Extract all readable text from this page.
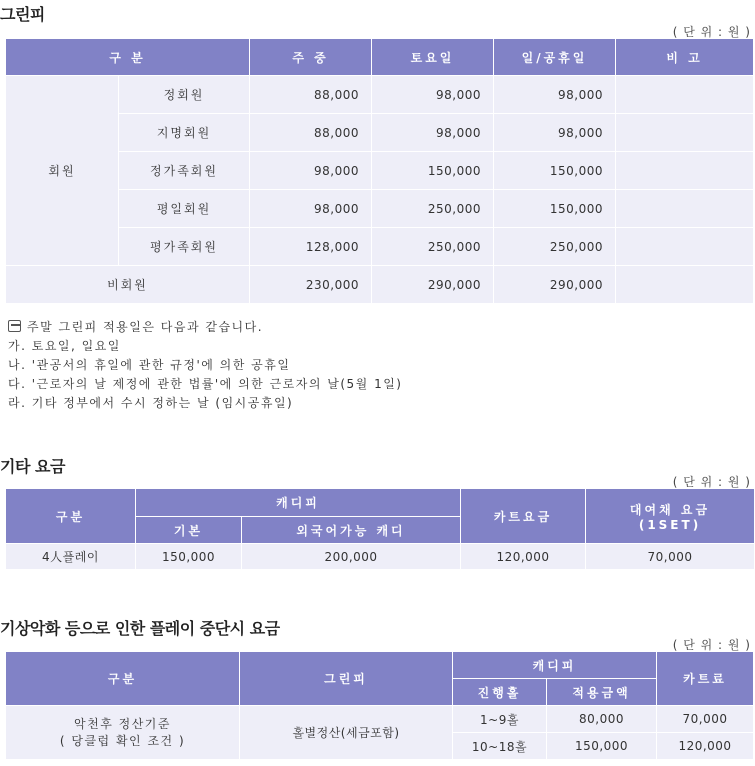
그린피
( 단 위 : 원 )
구 분		주 중	토요일	일/공휴일	비 고
회원	정회원	88,000	98,000	98,000	
	지명회원	88,000	98,000	98,000	
	정가족회원	98,000	150,000	150,000	
	평일회원	98,000	250,000	150,000	
	평가족회원	128,000	250,000	250,000	
비회원		230,000	290,000	290,000	
주말 그린피 적용일은 다음과 같습니다.
가. 토요일, 일요일
나. '관공서의 휴일에 관한 규정'에 의한 공휴일
다. '근로자의 날 제정에 관한 법률'에 의한 근로자의 날(5월 1일)
라. 기타 정부에서 수시 정하는 날 (임시공휴일)
기타 요금
( 단 위 : 원 )
구분	캐디피		카트요금	대여채 요금
(1SET)
	기본	외국어가능 캐디		
4人플레이	150,000	200,000	120,000	70,000
기상악화 등으로 인한 플레이 중단시 요금
( 단 위 : 원 )
구분	그린피	캐디피		카트료
		진행홀	적용금액	
악천후 정산기준
( 당클럽 확인 조건 )	홀별정산(세금포함)	1~9홀	80,000	70,000
		10~18홀	150,000	120,000
